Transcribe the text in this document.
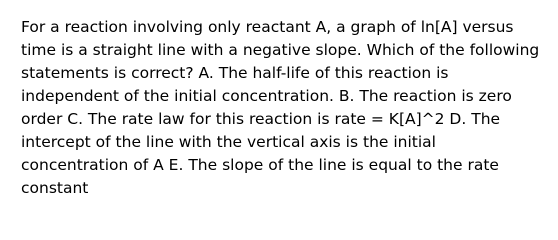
For a reaction involving only reactant A, a graph of ln[A] versus time is a straight line with a negative slope. Which of the following statements is correct? A. The half-life of this reaction is independent of the initial concentration. B. The reaction is zero order C. The rate law for this reaction is rate = K[A]^2 D. The intercept of the line with the vertical axis is the initial concentration of A E. The slope of the line is equal to the rate constant
